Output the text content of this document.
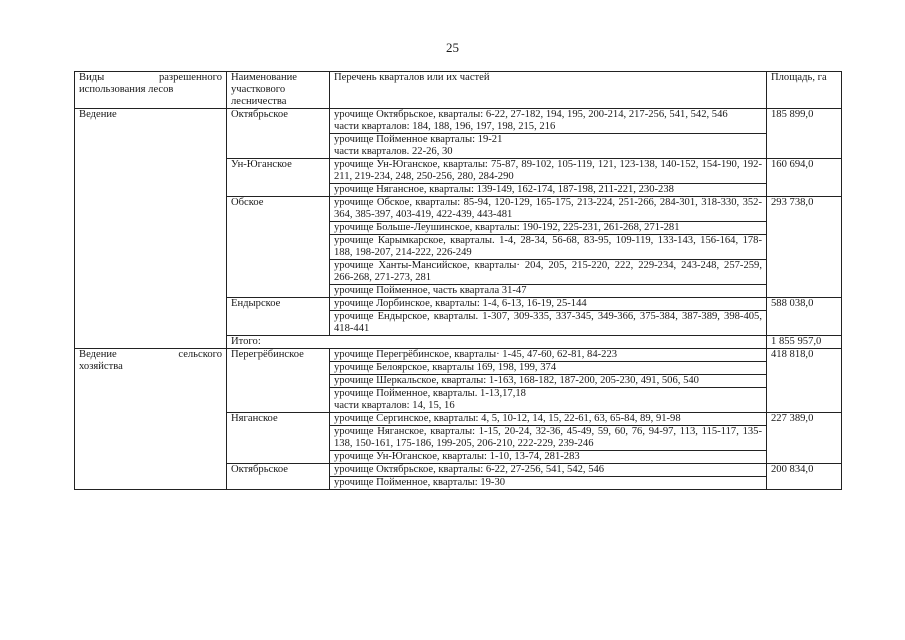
25
Виды разрешенного
использования лесов	Наименование участкового лесничества	Перечень кварталов или их частей	Площадь, га

Ведение	Октябрьское	урочище Октябрьское, кварталы: 6-22, 27-182, 194, 195, 200-214, 217-256, 541, 542, 546
части кварталов: 184, 188, 196, 197, 198, 215, 216	185 899,0

		урочище Пойменное кварталы: 19-21
части кварталов. 22-26, 30	

	Ун-Юганское	урочище Ун-Юганское, кварталы: 75-87, 89-102, 105-119, 121, 123-138, 140-152, 154-190, 192-211, 219-234, 248, 250-256, 280, 284-290	160 694,0

		урочище Нягансное, кварталы: 139-149, 162-174, 187-198, 211-221, 230-238	

	Обское	урочище Обское, кварталы: 85-94, 120-129, 165-175, 213-224, 251-266, 284-301, 318-330, 352-364, 385-397, 403-419, 422-439, 443-481	293 738,0

		урочище Больше-Леушинское, кварталы: 190-192, 225-231, 261-268, 271-281	

		урочище Карымкарское, кварталы. 1-4, 28-34, 56-68, 83-95, 109-119, 133-143, 156-164, 178-188, 198-207, 214-222, 226-249	

		урочище Ханты-Мансийское, кварталы· 204, 205, 215-220, 222, 229-234, 243-248, 257-259, 266-268, 271-273, 281	

		урочище Пойменное, часть квартала 31-47	

	Ендырское	урочище Лорбинское, кварталы: 1-4, 6-13, 16-19, 25-144	588 038,0

		урочище Ендырское, кварталы. 1-307, 309-335, 337-345, 349-366, 375-384, 387-389, 398-405, 418-441	

	Итого:		1 855 957,0

Ведение сельского
хозяйства	Перегрёбинское	урочище Перегрёбинское, кварталы· 1-45, 47-60, 62-81, 84-223	418 818,0

		урочище Белоярское, кварталы 169, 198, 199, 374	

		урочище Шеркальское, кварталы: 1-163, 168-182, 187-200, 205-230, 491, 506, 540	

		урочище Пойменное, кварталы. 1-13,17,18
части кварталов: 14, 15, 16	

	Няганское	урочище Сергинское, кварталы: 4, 5, 10-12, 14, 15, 22-61, 63, 65-84, 89, 91-98	227 389,0

		урочище Няганское, кварталы: 1-15, 20-24, 32-36, 45-49, 59, 60, 76, 94-97, 113, 115-117, 135-138, 150-161, 175-186, 199-205, 206-210, 222-229, 239-246	

		урочище Ун-Юганское, кварталы: 1-10, 13-74, 281-283	

	Октябрьское	урочище Октябрьское, кварталы: 6-22, 27-256, 541, 542, 546	200 834,0

		урочище Пойменное, кварталы: 19-30	
